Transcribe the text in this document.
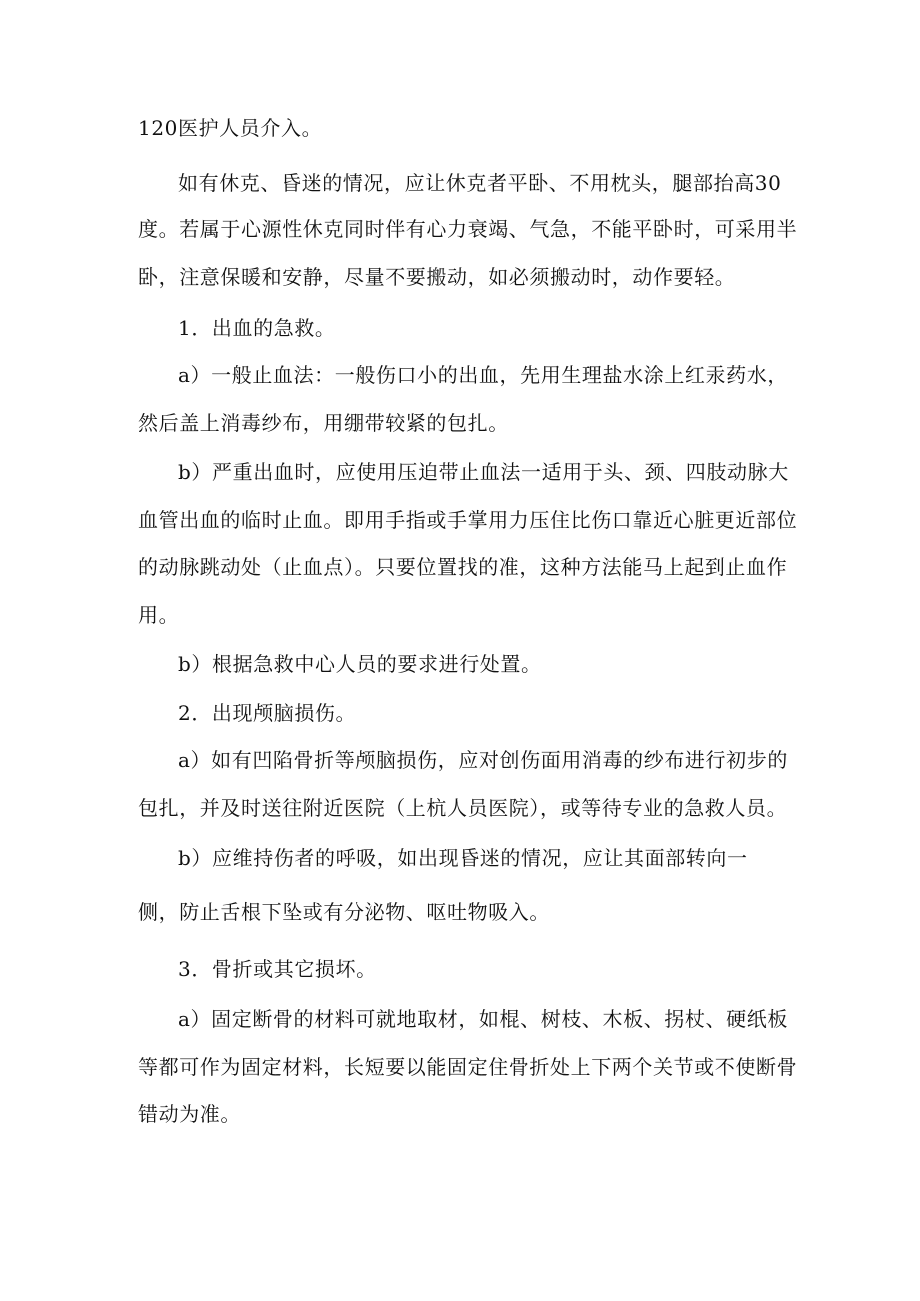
120医护人员介入。
如有休克、昏迷的情况，应让休克者平卧、不用枕头，腿部抬高30
度。若属于心源性休克同时伴有心力衰竭、气急，不能平卧时，可采用半
卧，注意保暖和安静，尽量不要搬动，如必须搬动时，动作要轻。
1．出血的急救。
a）一般止血法：一般伤口小的出血，先用生理盐水涂上红汞药水，
然后盖上消毒纱布，用绷带较紧的包扎。
b）严重出血时，应使用压迫带止血法一适用于头、颈、四肢动脉大
血管出血的临时止血。即用手指或手掌用力压住比伤口靠近心脏更近部位
的动脉跳动处（止血点）。只要位置找的准，这种方法能马上起到止血作
用。
b）根据急救中心人员的要求进行处置。
2．出现颅脑损伤。
a）如有凹陷骨折等颅脑损伤，应对创伤面用消毒的纱布进行初步的
包扎，并及时送往附近医院（上杭人员医院），或等待专业的急救人员。
b）应维持伤者的呼吸，如出现昏迷的情况，应让其面部转向一
侧，防止舌根下坠或有分泌物、呕吐物吸入。
3．骨折或其它损坏。
a）固定断骨的材料可就地取材，如棍、树枝、木板、拐杖、硬纸板
等都可作为固定材料，长短要以能固定住骨折处上下两个关节或不使断骨
错动为准。
